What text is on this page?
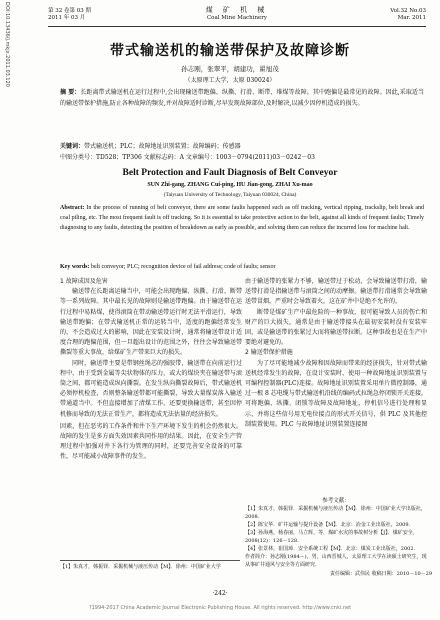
DOI:10.13436/j.mkjx.2011.03.120	第 32 卷第 03 期
2011 年 03 月
煤 矿 机 械
Coal Mine Machinery
Vol.32 No.03
Mar. 2011
带式输送机的输送带保护及故障诊断
孙志刚，张翠平，胡建功，翟旭茂
（太原理工大学，太原 030024）
摘 要：长距离带式输送机在运行过程中,会出现输送带跑偏、纵撕、打滑、断带、堆煤等故障。其中跑偏是最常见的故障。因此,采取适当的输送带保护措施,防止各种故障的频发,并对故障适时诊断,尽早发现故障部位,及时解决,以减少因停机造成的损失。
关键词：带式输送机；PLC；故障地址识别装置；故障编码；传感器
中图分类号：TD528；TP306 文献标志码：A 文章编号：1003－0794(2011)03－0242－03
Belt Protection and Fault Diagnosis of Belt Conveyor
SUN Zhi-gang, ZHANG Cui-ping, HU Jian-gong, ZHAI Xu-mao
(Taiyuan University of Technology, Taiyuan 030024, China)
Abstract: In the process of running of belt conveyor, there are some faults happened such as off tracking, vertical ripping, trackslip, belt break and coal piling, etc. The most frequent fault is off tracking. So it is essential to take protective action to the belt, against all kinds of frequent faults; Timely diagnosing to any faults, detecting the position of breakdown as early as possible, and solving them can reduce the incurred loss for machine halt.
Key words: belt conveyor; PLC; recognition device of fail address; code of faults; sensor
1 故障成因及危害

输送带在长距离运输当中，可能会出现跑偏、纵撕、打滑、断带等一系列故障。其中最长见的故障则是输送带跑偏。由于输送带在运行过程中易粘煤，使得滚筒在带动输送带运行时无法平滑运行，导致输送带跑偏；在带式输送机正常的运转当中，适度的跑偏经常发生的，不会造成过大的影响，因此在安装设计时，通常将输送带设计适度合理的跑偏范围，但一旦超出设计的范围之外，往往会导致输送带撕裂等重大事故，给煤矿生产带来巨大的损失。

同时，输送带主要是带钢丝绳芯的强胶带，输送带在向前运行过程中，由于受到金属等尖状物体的压力，或大的煤块夹在输送带与滚筒之间，都可能造成纵向撕裂。在发生纵向撕裂故障后，带式输送机必须停机检查，否则整条输送带都可能撕裂，导致大量煤炭落入输送带通道当中。不但直接增加了清煤工作，还要更换输送带，甚至因停机修而导致的无法正常生产，都将造成无法估量的经济损失。

因素，但在恶劣的工作条件和井下生产环境下发生的机会仍然很大。故障的发生是多方面失效因素共同作用的结果。因此，在安全生产管理过程中加强对井下各行为管理的同时，还要完善安全设备的可靠性，尽可能减小故障事件的发生。

由于输送带的张紧力不够，输送带过于松动，会导致输送带打滑，输送带打滑是指输送带与滚筒之间的动摩擦。输送带打滑通常会导致输送带冒烟，严重时会导致着火，这在矿井中是绝不允许的。

断带是煤矿生产中最危险的一种事故，很可能导致人员的伤亡和财产的巨大损失，通常是由于输送带接头在最初安装时没有安装牢固，或是输送带的张紧过大而将输送带拉断。这种事故也是在生产中要绝对避免的。

2 输送带保护措施

为了尽可能地减少故障和因故障而带来的经济损失，针对带式输送机经常发生的故障，在设计安装时，使用一种故障地址识别装置与可编程控制器(PLC)连接。故障地址识别装置采用单片微控制器，通过一根 8 芯电缆与带式输送机沿线的编码式拉绳急停闭锁开关连接，可将跑偏、纵撕、闭锁等故障及故障地址，停机信号进行处理和显示，并将这些信号用无电位接点的形式开关信号，供 PLC 及其他控制装置使用。PLC 与故障地址识别装置连接图

【1】朱真才，韩振铎．采掘机械与液压传动【M】．徐州：中国矿业大学
参考文献：
【1】朱真才，韩振铎．采掘机械与液压传动【M】．徐州：中国矿业大学出版社，2008.
【2】陈宝华．矿井运输与提升设备【M】．北京：冶金工业出版社，2009.
【3】孙海燕，杨春丽，马立辉，等．煤矿水灾的事故树分析【J】．煤矿安全，2008(12)：126－128.
【4】张景林，崔国璋．安全系统工程【M】．北京：煤炭工业出版社，2002.
作者简介：孙志刚(1984－)，男，山西晋城人，太原理工大学在读硕士研究生，现从事矿井通风与安全等方面研究.
责任编辑：武伟民 收稿日期：2010－10－29
·242·
?1994-2017 China Academic Journal Electronic Publishing House. All rights reserved. http://www.cnki.net
